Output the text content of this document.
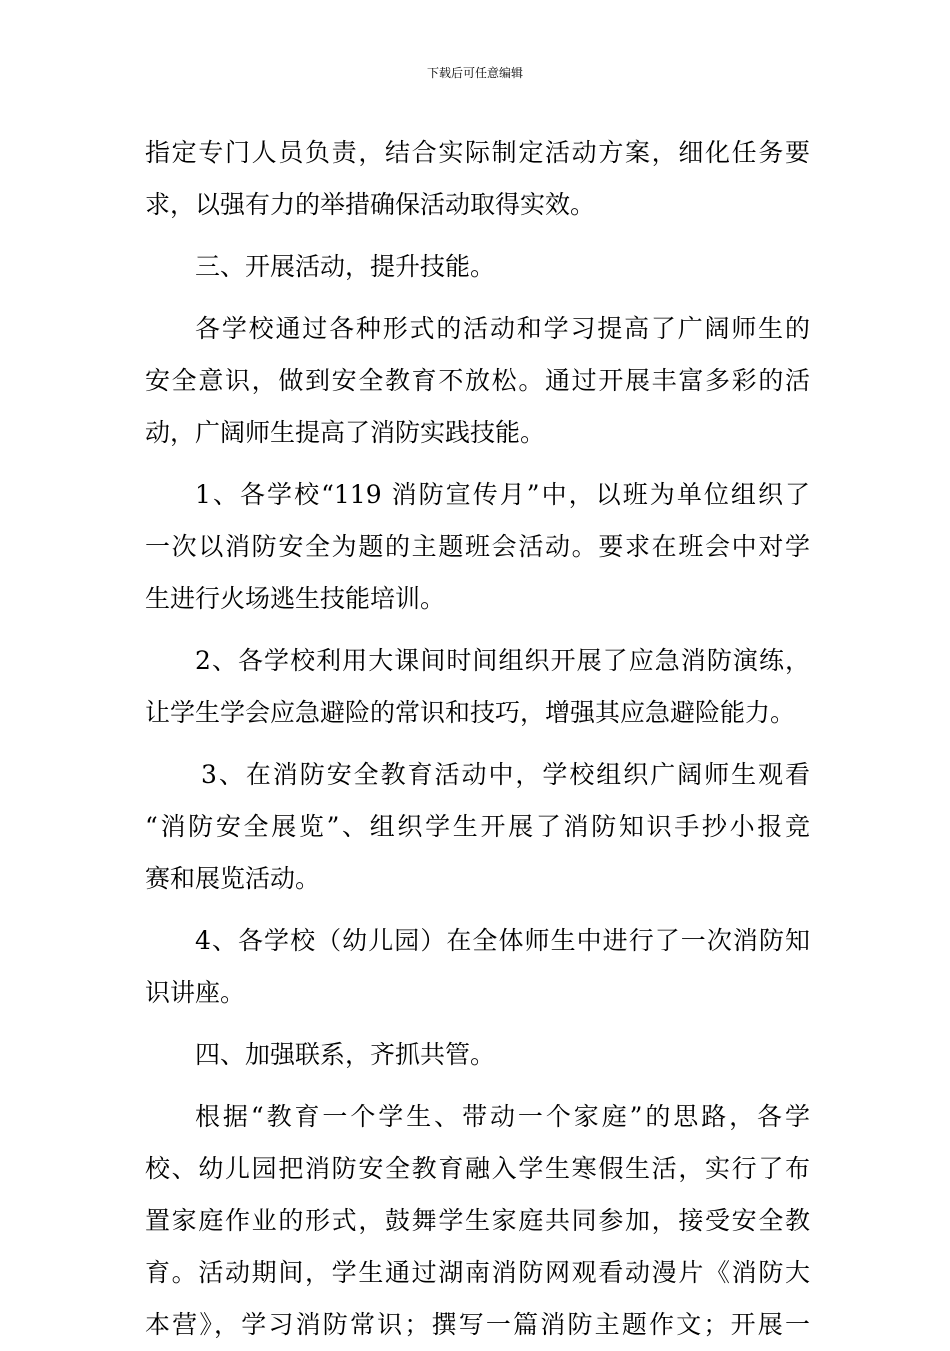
下载后可任意编辑
指定专门人员负责，结合实际制定活动方案，细化任务要
求，以强有力的举措确保活动取得实效。
三、开展活动，提升技能。
各学校通过各种形式的活动和学习提高了广阔师生的
安全意识，做到安全教育不放松。通过开展丰富多彩的活
动，广阔师生提高了消防实践技能。
1、各学校“119 消防宣传月”中，以班为单位组织了
一次以消防安全为题的主题班会活动。要求在班会中对学
生进行火场逃生技能培训。
2、各学校利用大课间时间组织开展了应急消防演练，
让学生学会应急避险的常识和技巧，增强其应急避险能力。
3、在消防安全教育活动中，学校组织广阔师生观看
“消防安全展览”、组织学生开展了消防知识手抄小报竞
赛和展览活动。
4、各学校（幼儿园）在全体师生中进行了一次消防知
识讲座。
四、加强联系，齐抓共管。
根据“教育一个学生、带动一个家庭”的思路，各学
校、幼儿园把消防安全教育融入学生寒假生活，实行了布
置家庭作业的形式，鼓舞学生家庭共同参加，接受安全教
育。活动期间，学生通过湖南消防网观看动漫片《消防大
本营》，学习消防常识；撰写一篇消防主题作文；开展一
